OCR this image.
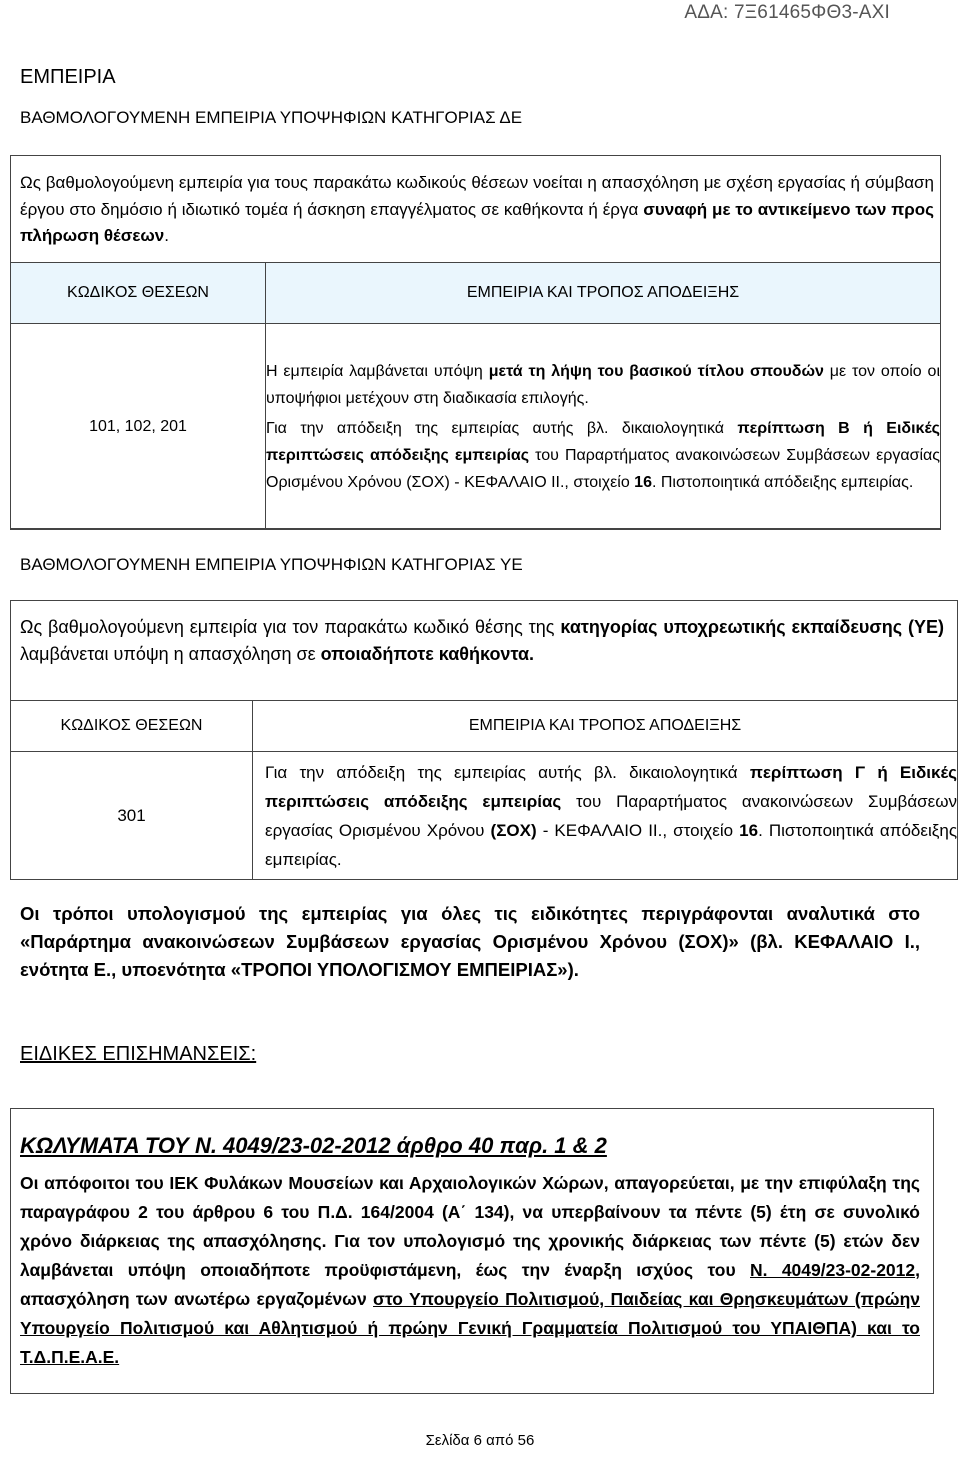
ΑΔΑ: 7Ξ61465ΦΘ3-ΑΧΙ
ΕΜΠΕΙΡΙΑ
ΒΑΘΜΟΛΟΓΟΥΜΕΝΗ ΕΜΠΕΙΡΙΑ ΥΠΟΨΗΦΙΩΝ ΚΑΤΗΓΟΡΙΑΣ ΔΕ

Ως βαθμολογούμενη εμπειρία για τους παρακάτω κωδικούς θέσεων νοείται η απασχόληση με σχέση εργασίας ή σύμβαση έργου στο δημόσιο ή ιδιωτικό τομέα ή άσκηση επαγγέλματος σε καθήκοντα ή έργα συναφή με το αντικείμενο των προς πλήρωση θέσεων.

ΚΩΔΙΚΟΣ ΘΕΣΕΩΝ	ΕΜΠΕΙΡΙΑ ΚΑΙ ΤΡΟΠΟΣ ΑΠΟΔΕΙΞΗΣ
101, 102, 201	Η εμπειρία λαμβάνεται υπόψη μετά τη λήψη του βασικού τίτλου σπουδών με τον οποίο οι υποψήφιοι μετέχουν στη διαδικασία επιλογής.

Για την απόδειξη της εμπειρίας αυτής βλ. δικαιολογητικά περίπτωση Β ή Ειδικές περιπτώσεις απόδειξης εμπειρίας του Παραρτήματος ανακοινώσεων Συμβάσεων εργασίας Ορισμένου Χρόνου (ΣΟΧ) - ΚΕΦΑΛΑΙΟ ΙΙ., στοιχείο 16. Πιστοποιητικά απόδειξης εμπειρίας.

ΒΑΘΜΟΛΟΓΟΥΜΕΝΗ ΕΜΠΕΙΡΙΑ ΥΠΟΨΗΦΙΩΝ ΚΑΤΗΓΟΡΙΑΣ ΥΕ

Ως βαθμολογούμενη εμπειρία για τον παρακάτω κωδικό θέσης της κατηγορίας υποχρεωτικής εκπαίδευσης (ΥΕ) λαμβάνεται υπόψη η απασχόληση σε οποιαδήποτε καθήκοντα.

ΚΩΔΙΚΟΣ ΘΕΣΕΩΝ	ΕΜΠΕΙΡΙΑ ΚΑΙ ΤΡΟΠΟΣ ΑΠΟΔΕΙΞΗΣ
301	Για την απόδειξη της εμπειρίας αυτής βλ. δικαιολογητικά περίπτωση Γ ή Ειδικές περιπτώσεις απόδειξης εμπειρίας του Παραρτήματος ανακοινώσεων Συμβάσεων εργασίας Ορισμένου Χρόνου (ΣΟΧ) - ΚΕΦΑΛΑΙΟ ΙΙ., στοιχείο 16. Πιστοποιητικά απόδειξης εμπειρίας.

Οι τρόποι υπολογισμού της εμπειρίας για όλες τις ειδικότητες περιγράφονται αναλυτικά στο «Παράρτημα ανακοινώσεων Συμβάσεων εργασίας Ορισμένου Χρόνου (ΣΟΧ)» (βλ. ΚΕΦΑΛΑΙΟ Ι., ενότητα Ε., υποενότητα «ΤΡΟΠΟΙ ΥΠΟΛΟΓΙΣΜΟΥ ΕΜΠΕΙΡΙΑΣ»).

ΕΙΔΙΚΕΣ ΕΠΙΣΗΜΑΝΣΕΙΣ:

ΚΩΛΥΜΑΤΑ ΤΟΥ Ν. 4049/23-02-2012 άρθρο 40 παρ. 1 & 2

Οι απόφοιτοι του ΙΕΚ Φυλάκων Μουσείων και Αρχαιολογικών Χώρων, απαγορεύεται, με την επιφύλαξη της παραγράφου 2 του άρθρου 6 του Π.Δ. 164/2004 (Α΄ 134), να υπερβαίνουν τα πέντε (5) έτη σε συνολικό χρόνο διάρκειας της απασχόλησης. Για τον υπολογισμό της χρονικής διάρκειας των πέντε (5) ετών δεν λαμβάνεται υπόψη οποιαδήποτε προϋφιστάμενη, έως την έναρξη ισχύος του Ν. 4049/23-02-2012, απασχόληση των ανωτέρω εργαζομένων στο Υπουργείο Πολιτισμού, Παιδείας και Θρησκευμάτων (πρώην Υπουργείο Πολιτισμού και Αθλητισμού ή πρώην Γενική Γραμματεία Πολιτισμού του ΥΠΑΙΘΠΑ) και το Τ.Δ.Π.Ε.Α.Ε.

Σελίδα 6 από 56
